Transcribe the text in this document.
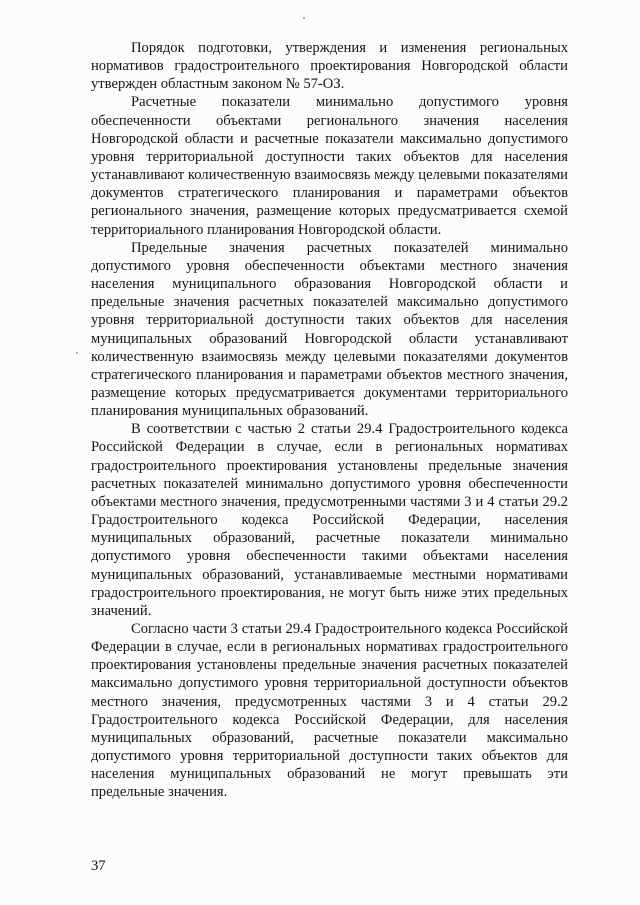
Порядок подготовки, утверждения и изменения региональных нормативов градостроительного проектирования Новгородской области утвержден областным законом № 57-ОЗ.

Расчетные показатели минимально допустимого уровня обеспеченности объектами регионального значения населения Новгородской области и расчетные показатели максимально допустимого уровня территориальной доступности таких объектов для населения устанавливают количественную взаимосвязь между целевыми показателями документов стратегического планирования и параметрами объектов регионального значения, размещение которых предусматривается схемой территориального планирования Новгородской области.

Предельные значения расчетных показателей минимально допустимого уровня обеспеченности объектами местного значения населения муниципального образования Новгородской области и предельные значения расчетных показателей максимально допустимого уровня территориальной доступности таких объектов для населения муниципальных образований Новгородской области устанавливают количественную взаимосвязь между целевыми показателями документов стратегического планирования и параметрами объектов местного значения, размещение которых предусматривается документами территориального планирования муниципальных образований.

В соответствии с частью 2 статьи 29.4 Градостроительного кодекса Российской Федерации в случае, если в региональных нормативах градостроительного проектирования установлены предельные значения расчетных показателей минимально допустимого уровня обеспеченности объектами местного значения, предусмотренными частями 3 и 4 статьи 29.2 Градостроительного кодекса Российской Федерации, населения муниципальных образований, расчетные показатели минимально допустимого уровня обеспеченности такими объектами населения муниципальных образований, устанавливаемые местными нормативами градостроительного проектирования, не могут быть ниже этих предельных значений.

Согласно части 3 статьи 29.4 Градостроительного кодекса Российской Федерации в случае, если в региональных нормативах градостроительного проектирования установлены предельные значения расчетных показателей максимально допустимого уровня территориальной доступности объектов местного значения, предусмотренных частями 3 и 4 статьи 29.2 Градостроительного кодекса Российской Федерации, для населения муниципальных образований, расчетные показатели максимально допустимого уровня территориальной доступности таких объектов для населения муниципальных образований не могут превышать эти предельные значения.

37
